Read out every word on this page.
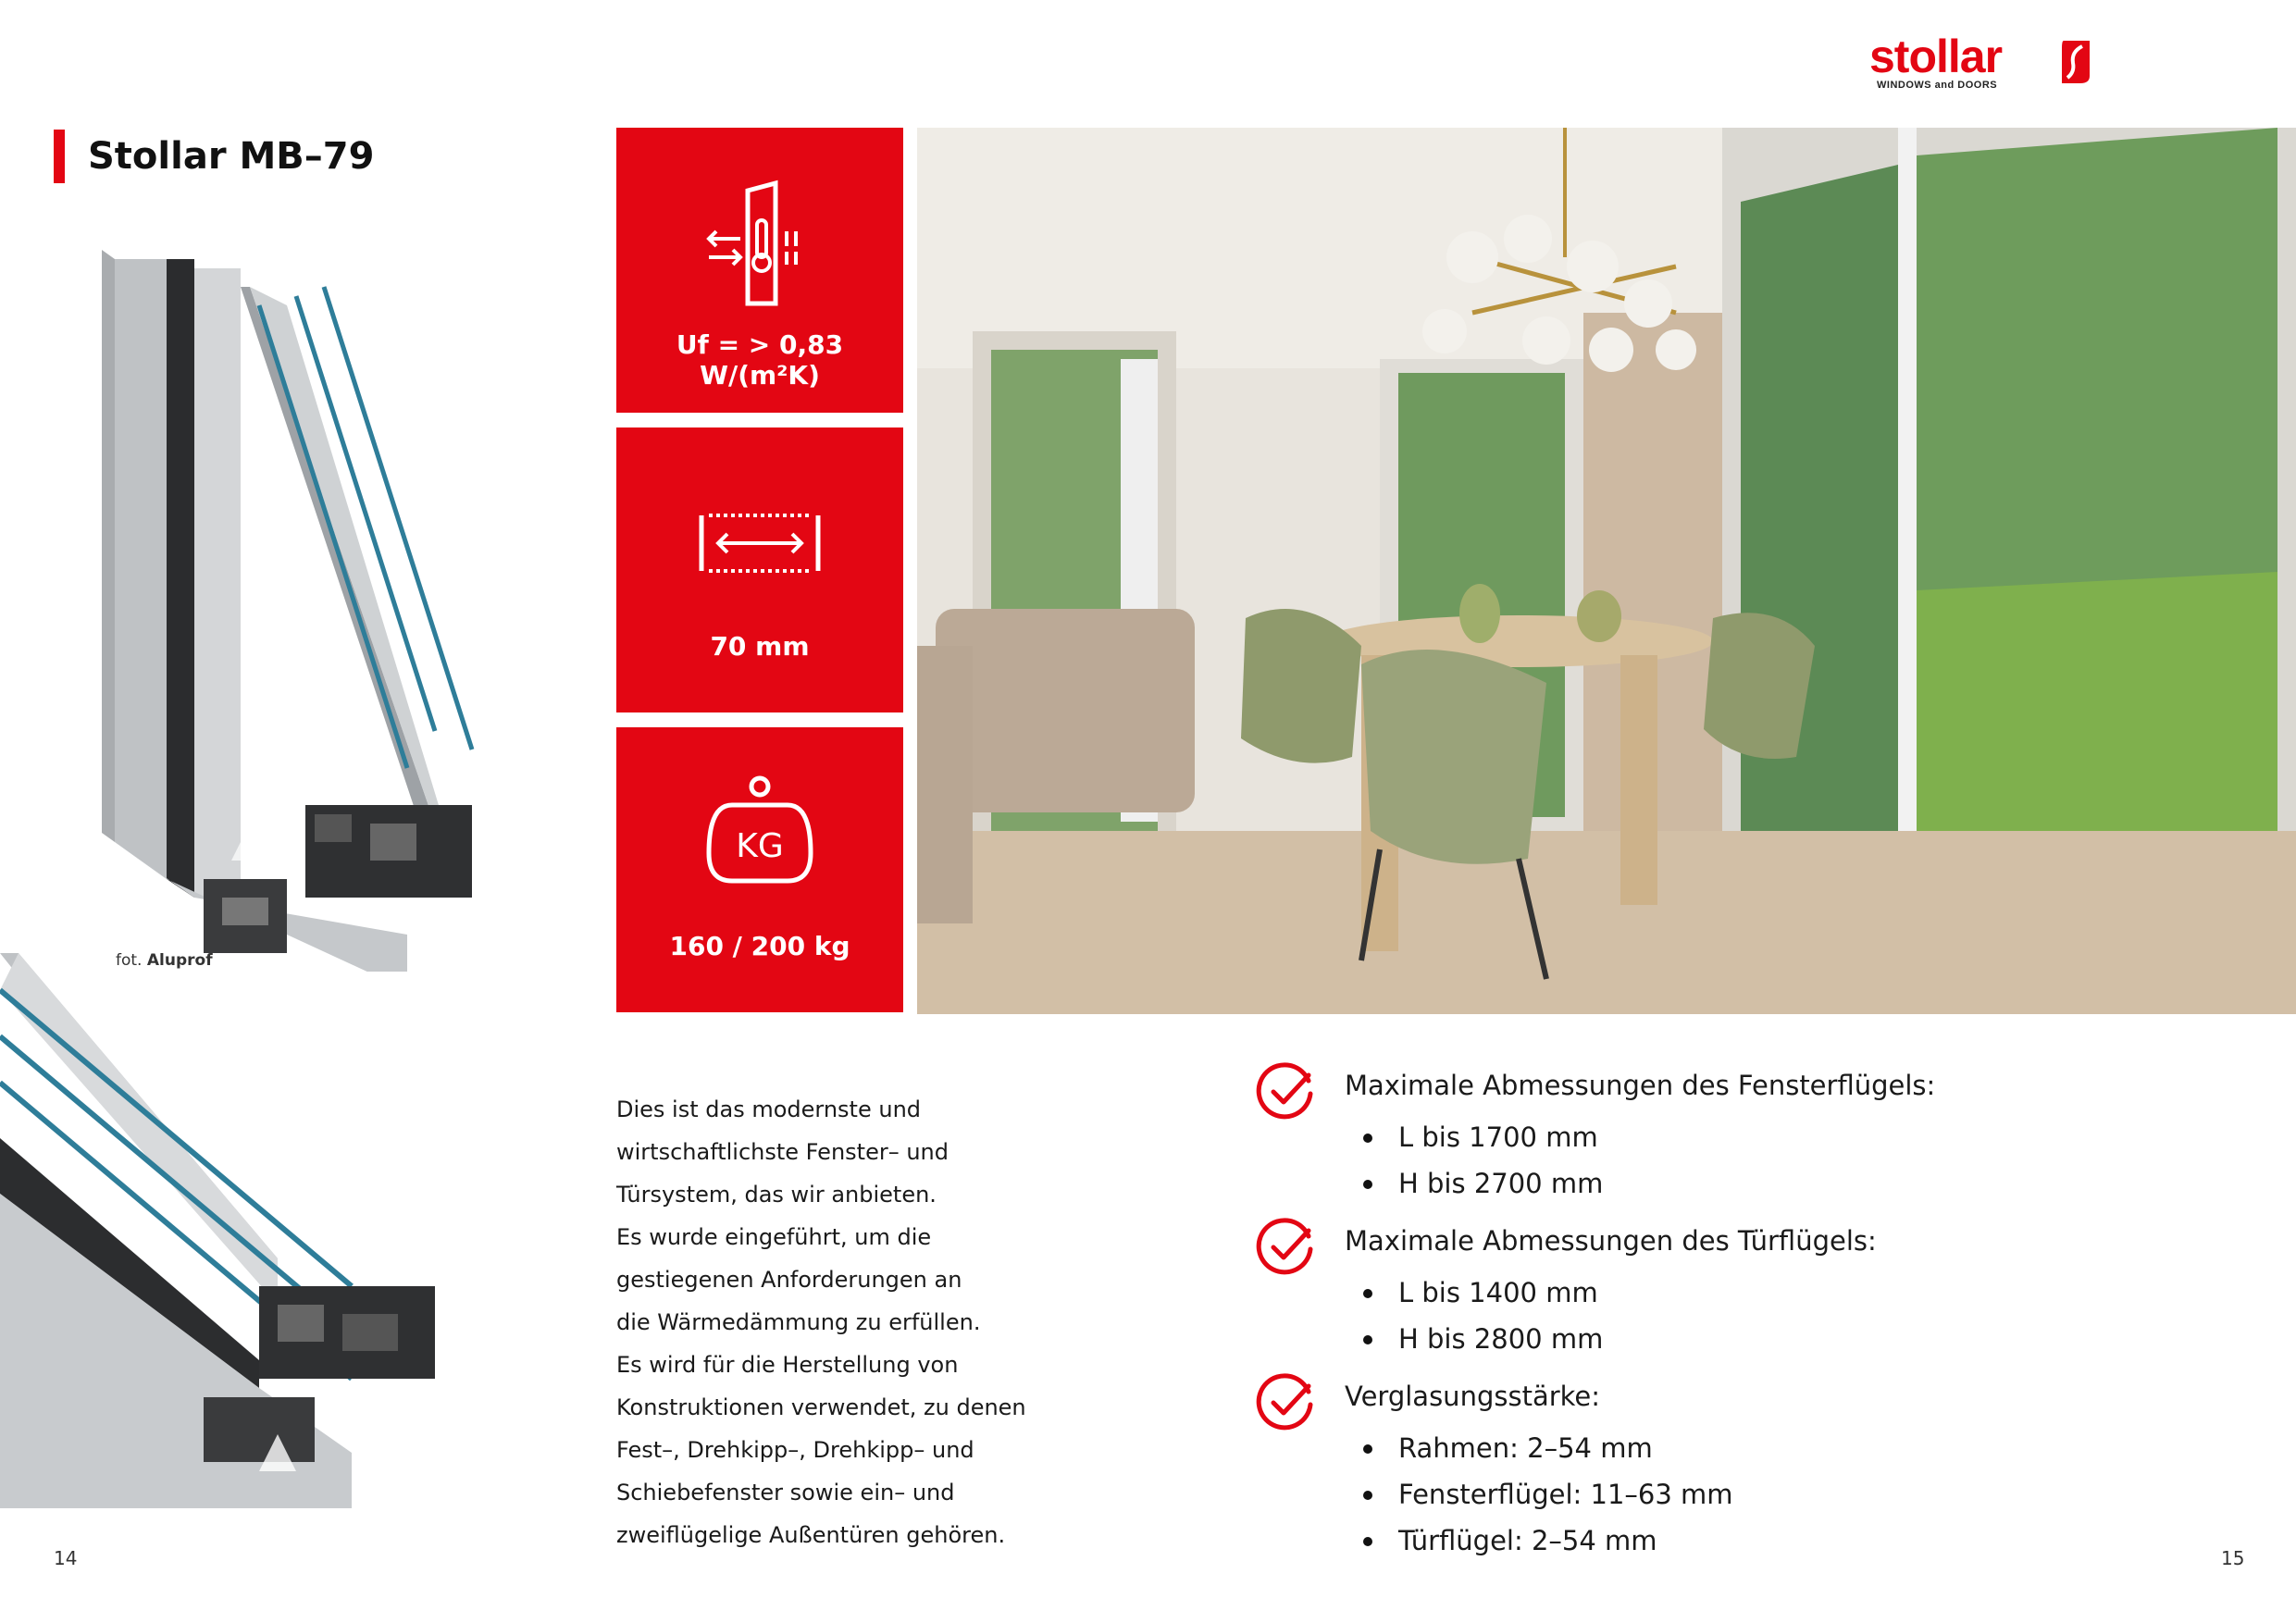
stollar
WINDOWS and DOORS
Stollar MB–79
fot. Aluprof
Uf = > 0,83 W/(m²K)
70 mm
KG
160 / 200 kg

Dies ist das modernste und

wirtschaftlichste Fenster– und

Türsystem, das wir anbieten.

Es wurde eingeführt, um die

gestiegenen Anforderungen an

die Wärmedämmung zu erfüllen.

Es wird für die Herstellung von

Konstruktionen verwendet, zu denen

Fest–, Drehkipp–, Drehkipp– und

Schiebefenster sowie ein– und

zweiflügelige Außentüren gehören.

Maximale Abmessungen des Fensterflügels:
L bis 1700 mm
H bis 2700 mm
Maximale Abmessungen des Türflügels:
L bis 1400 mm
H bis 2800 mm
Verglasungsstärke:
Rahmen: 2–54 mm
Fensterflügel: 11–63 mm
Türflügel: 2–54 mm
14	15
